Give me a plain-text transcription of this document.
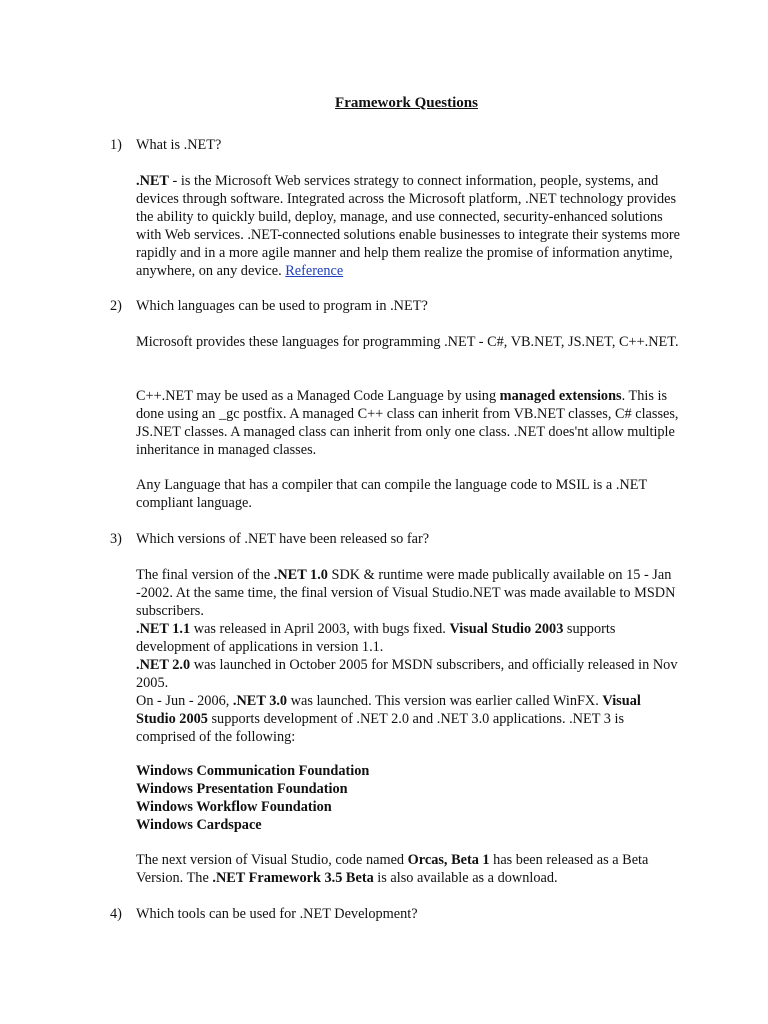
Framework Questions
1) What is .NET?
.NET - is the Microsoft Web services strategy to connect information, people, systems, and devices through software. Integrated across the Microsoft platform, .NET technology provides the ability to quickly build, deploy, manage, and use connected, security-enhanced solutions with Web services. .NET-connected solutions enable businesses to integrate their systems more rapidly and in a more agile manner and help them realize the promise of information anytime, anywhere, on any device. Reference
2) Which languages can be used to program in .NET?
Microsoft provides these languages for programming .NET - C#, VB.NET, JS.NET, C++.NET.
C++.NET may be used as a Managed Code Language by using managed extensions. This is done using an _gc postfix. A managed C++ class can inherit from VB.NET classes, C# classes, JS.NET classes. A managed class can inherit from only one class. .NET does'nt allow multiple inheritance in managed classes.
Any Language that has a compiler that can compile the language code to MSIL is a .NET compliant language.
3) Which versions of .NET have been released so far?
The final version of the .NET 1.0 SDK & runtime were made publically available on 15 - Jan -2002. At the same time, the final version of Visual Studio.NET was made available to MSDN subscribers.
.NET 1.1 was released in April 2003, with bugs fixed. Visual Studio 2003 supports development of applications in version 1.1.
.NET 2.0 was launched in October 2005 for MSDN subscribers, and officially released in Nov 2005.
On - Jun - 2006, .NET 3.0 was launched. This version was earlier called WinFX. Visual Studio 2005 supports development of .NET 2.0 and .NET 3.0 applications. .NET 3 is comprised of the following:
Windows Communication Foundation
Windows Presentation Foundation
Windows Workflow Foundation
Windows Cardspace
The next version of Visual Studio, code named Orcas, Beta 1 has been released as a Beta Version. The .NET Framework 3.5 Beta is also available as a download.
4) Which tools can be used for .NET Development?
